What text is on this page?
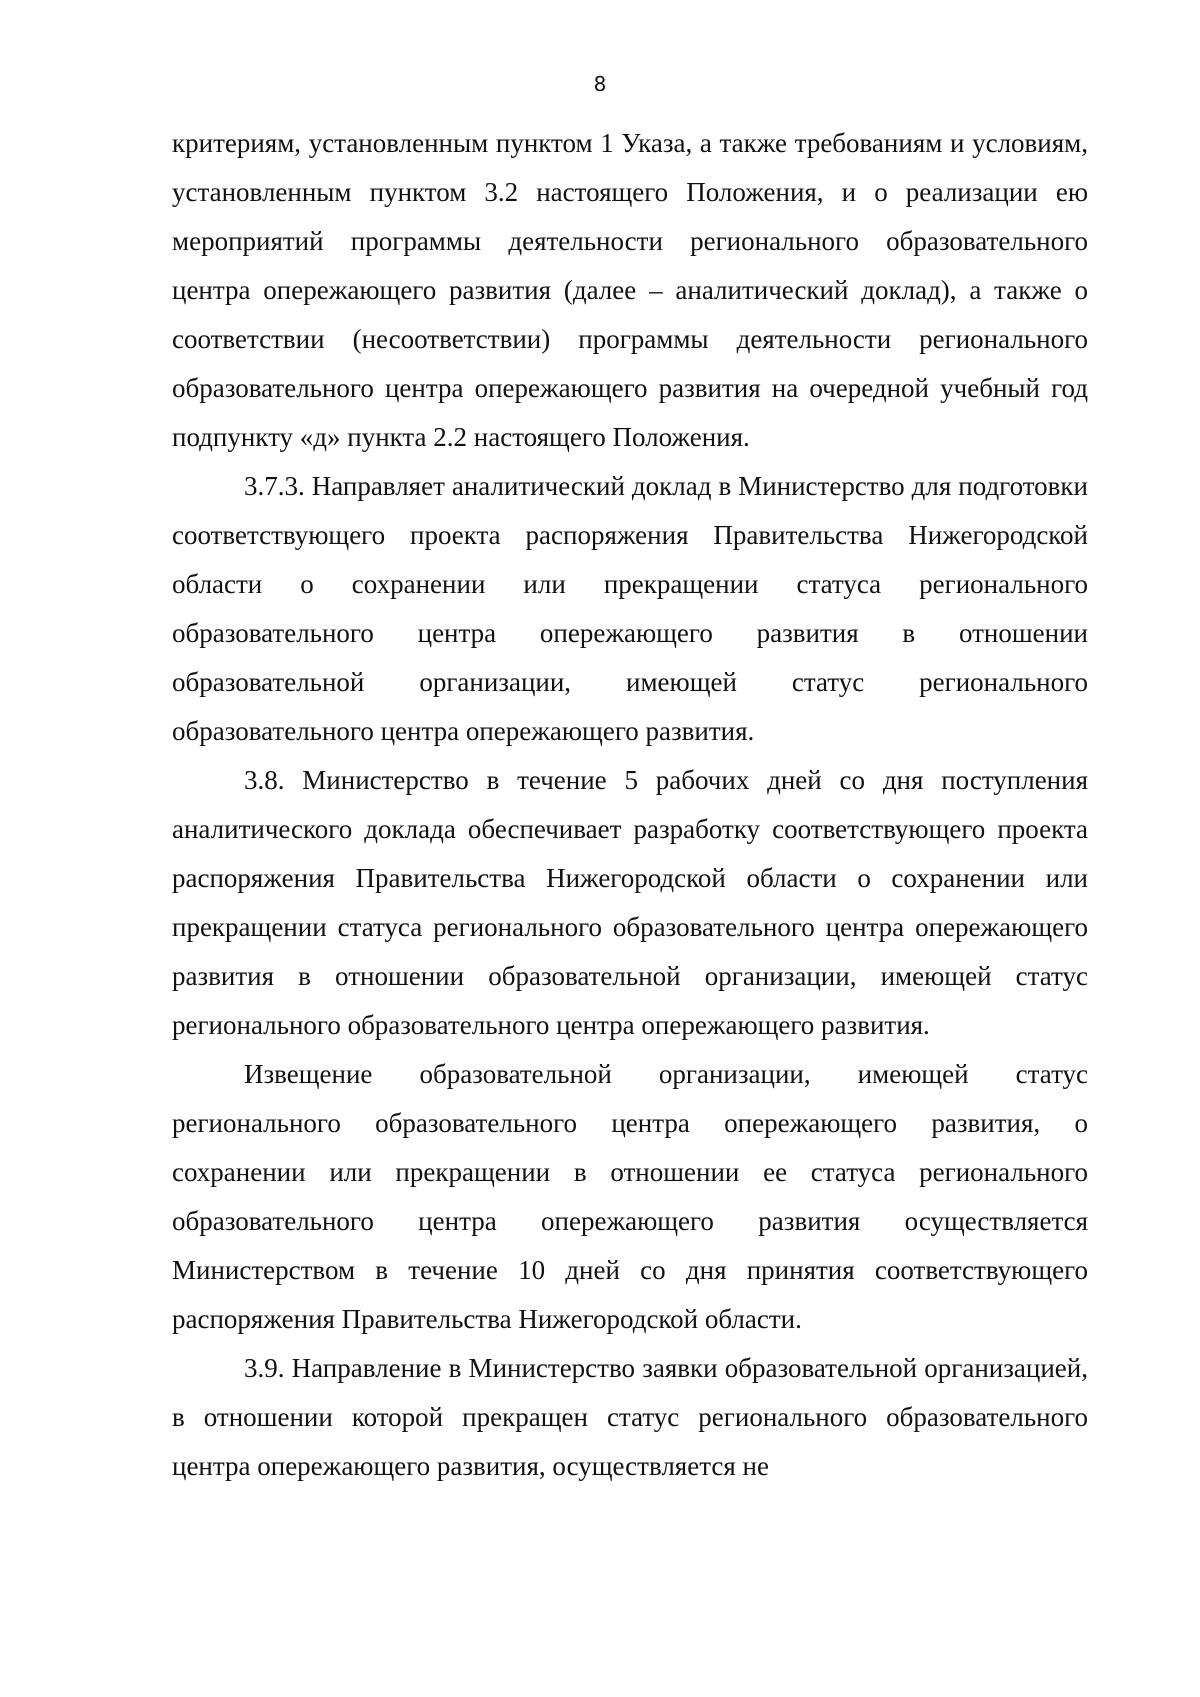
8

критериям, установленным пунктом 1 Указа, а также требованиям и условиям, установленным пунктом 3.2 настоящего Положения, и о реализации ею мероприятий программы деятельности регионального образовательного центра опережающего развития (далее – аналитический доклад), а также о соответствии (несоответствии) программы деятельности регионального образовательного центра опережающего развития на очередной учебный год подпункту «д» пункта 2.2 настоящего Положения.

3.7.3. Направляет аналитический доклад в Министерство для подготовки соответствующего проекта распоряжения Правительства Нижегородской области о сохранении или прекращении статуса регионального образовательного центра опережающего развития в отношении образовательной организации, имеющей статус регионального образовательного центра опережающего развития.

3.8. Министерство в течение 5 рабочих дней со дня поступления аналитического доклада обеспечивает разработку соответствующего проекта распоряжения Правительства Нижегородской области о сохранении или прекращении статуса регионального образовательного центра опережающего развития в отношении образовательной организации, имеющей статус регионального образовательного центра опережающего развития.

Извещение образовательной организации, имеющей статус регионального образовательного центра опережающего развития, о сохранении или прекращении в отношении ее статуса регионального образовательного центра опережающего развития осуществляется Министерством в течение 10 дней со дня принятия соответствующего распоряжения Правительства Нижегородской области.

3.9. Направление в Министерство заявки образовательной организацией, в отношении которой прекращен статус регионального образовательного центра опережающего развития, осуществляется не
